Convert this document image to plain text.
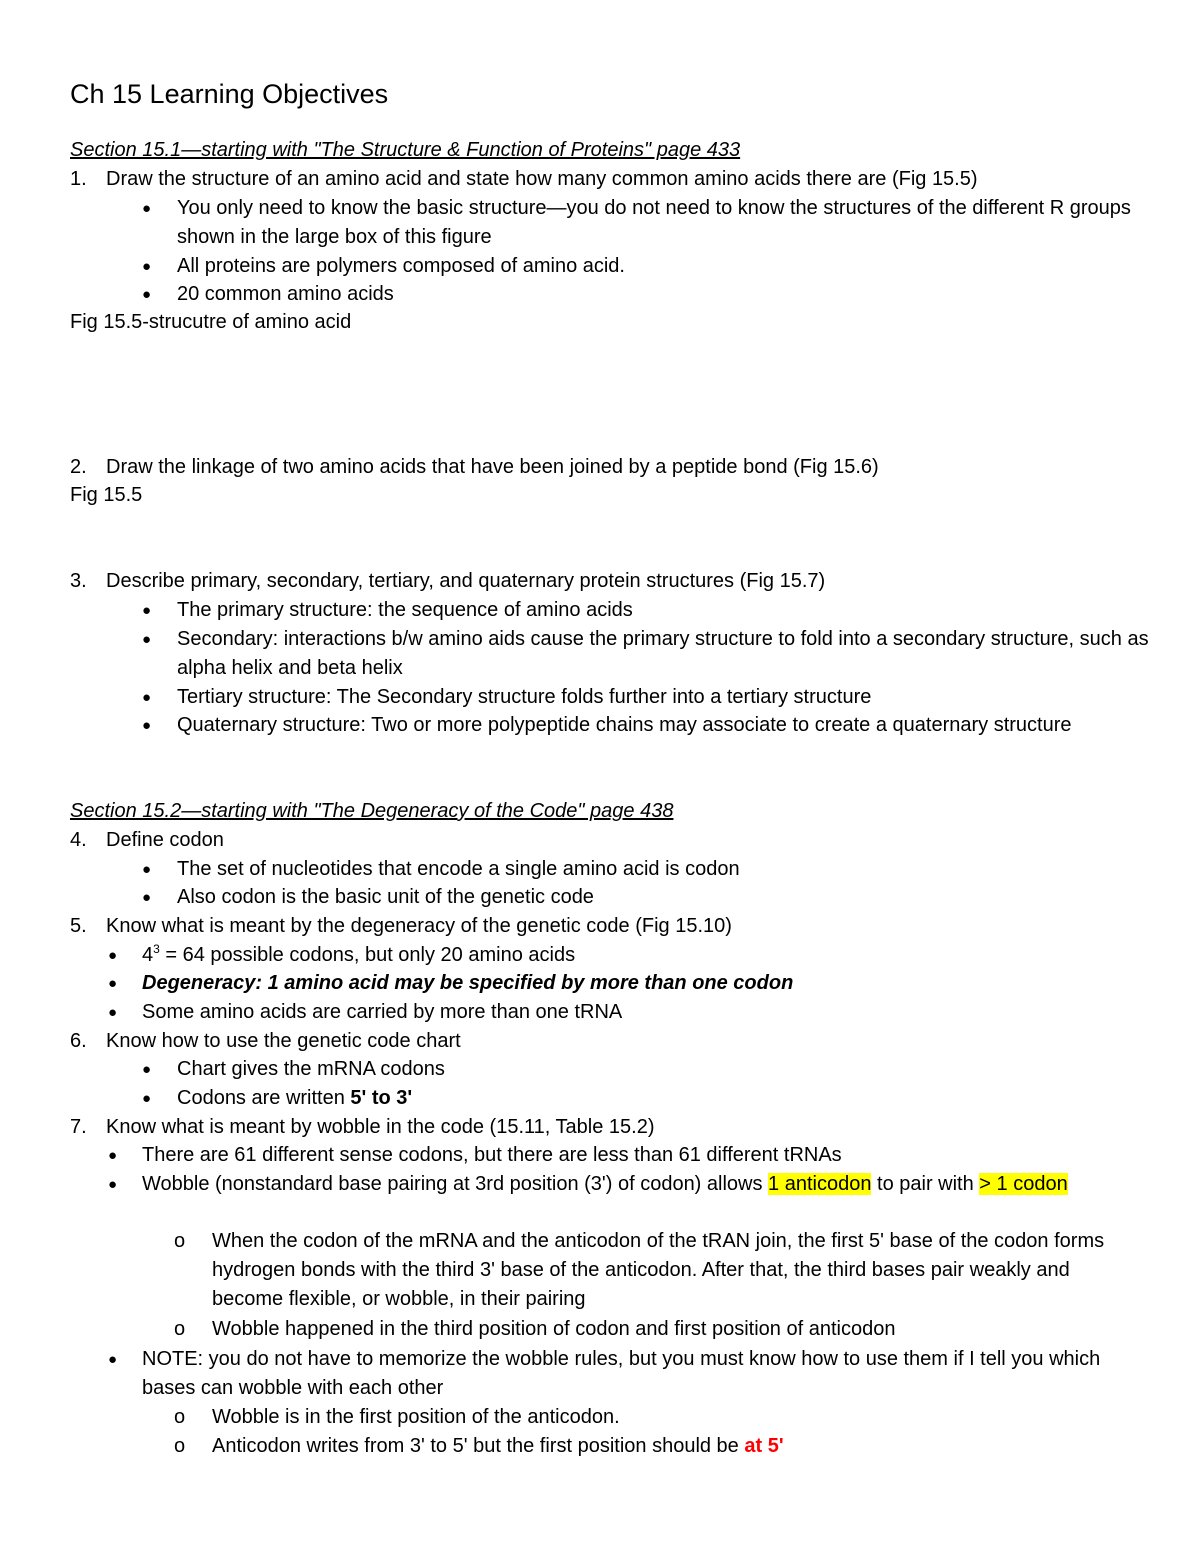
Ch 15 Learning Objectives
Section 15.1—starting with "The Structure & Function of Proteins" page 433
1. Draw the structure of an amino acid and state how many common amino acids there are (Fig 15.5)
● You only need to know the basic structure—you do not need to know the structures of the different R groups shown in the large box of this figure
● All proteins are polymers composed of amino acid.
● 20 common amino acids
Fig 15.5-strucutre of amino acid
2. Draw the linkage of two amino acids that have been joined by a peptide bond (Fig 15.6)
Fig 15.5
3. Describe primary, secondary, tertiary, and quaternary protein structures (Fig 15.7)
● The primary structure: the sequence of amino acids
● Secondary: interactions b/w amino aids cause the primary structure to fold into a secondary structure, such as alpha helix and beta helix
● Tertiary structure: The Secondary structure folds further into a tertiary structure
● Quaternary structure: Two or more polypeptide chains may associate to create a quaternary structure
Section 15.2—starting with "The Degeneracy of the Code" page 438
4. Define codon
● The set of nucleotides that encode a single amino acid is codon
● Also codon is the basic unit of the genetic code
5. Know what is meant by the degeneracy of the genetic code (Fig 15.10)
● $4^3 = 64$ possible codons, but only 20 amino acids
● Degeneracy: 1 amino acid may be specified by more than one codon
● Some amino acids are carried by more than one tRNA
6. Know how to use the genetic code chart
● Chart gives the mRNA codons
● Codons are written 5' to 3'
7. Know what is meant by wobble in the code (15.11, Table 15.2)
● There are 61 different sense codons, but there are less than 61 different tRNAs
● Wobble (nonstandard base pairing at 3rd position (3') of codon) allows 1 anticodon to pair with > 1 codon
o When the codon of the mRNA and the anticodon of the tRAN join, the first 5' base of the codon forms hydrogen bonds with the third 3' base of the anticodon. After that, the third bases pair weakly and become flexible, or wobble, in their pairing
o Wobble happened in the third position of codon and first position of anticodon
● NOTE: you do not have to memorize the wobble rules, but you must know how to use them if I tell you which bases can wobble with each other
o Wobble is in the first position of the anticodon.
o Anticodon writes from 3' to 5' but the first position should be at 5'
